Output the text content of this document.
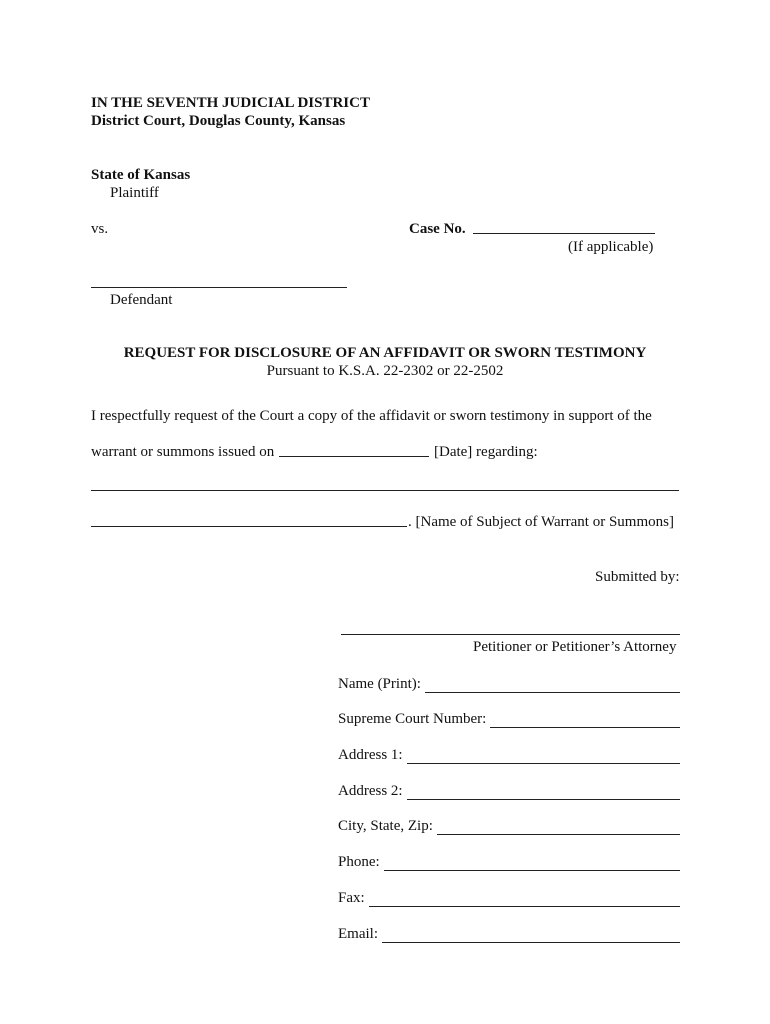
IN THE SEVENTH JUDICIAL DISTRICT
District Court, Douglas County, Kansas
State of Kansas
Plaintiff
vs.	Case No.
(If applicable)
Defendant
REQUEST FOR DISCLOSURE OF AN AFFIDAVIT OR SWORN TESTIMONY
Pursuant to K.S.A. 22-2302 or 22-2502
I respectfully request of the Court a copy of the affidavit or sworn testimony in support of the
warrant or summons issued on	[Date] regarding:
. [Name of Subject of Warrant or Summons]
Submitted by:
Petitioner or Petitioner’s Attorney
Name (Print):
Supreme Court Number:
Address 1:
Address 2:
City, State, Zip:
Phone:
Fax:
Email:
